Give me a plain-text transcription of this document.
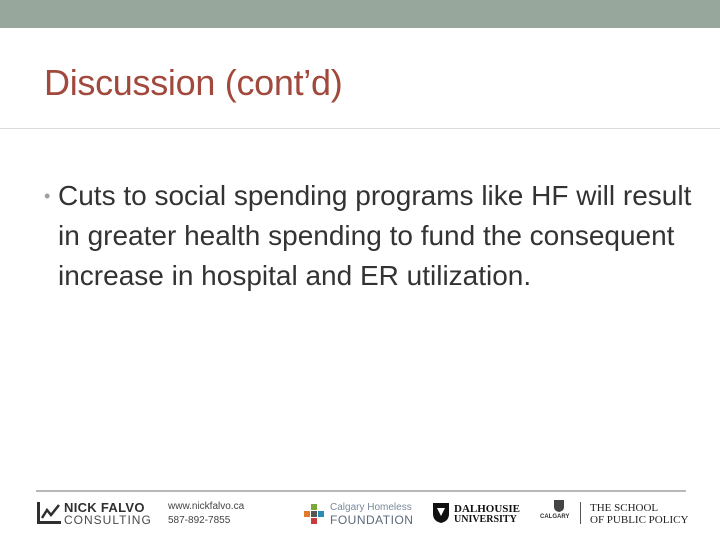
Discussion (cont’d)
• Cuts to social spending programs like HF will result in greater health spending to fund the consequent increase in hospital and ER utilization.
NICK FALVO
CONSULTING
www.nickfalvo.ca
587-892-7855
Calgary Homeless
FOUNDATION
DALHOUSIE
UNIVERSITY	CALGARY
THE SCHOOL
OF PUBLIC POLICY
